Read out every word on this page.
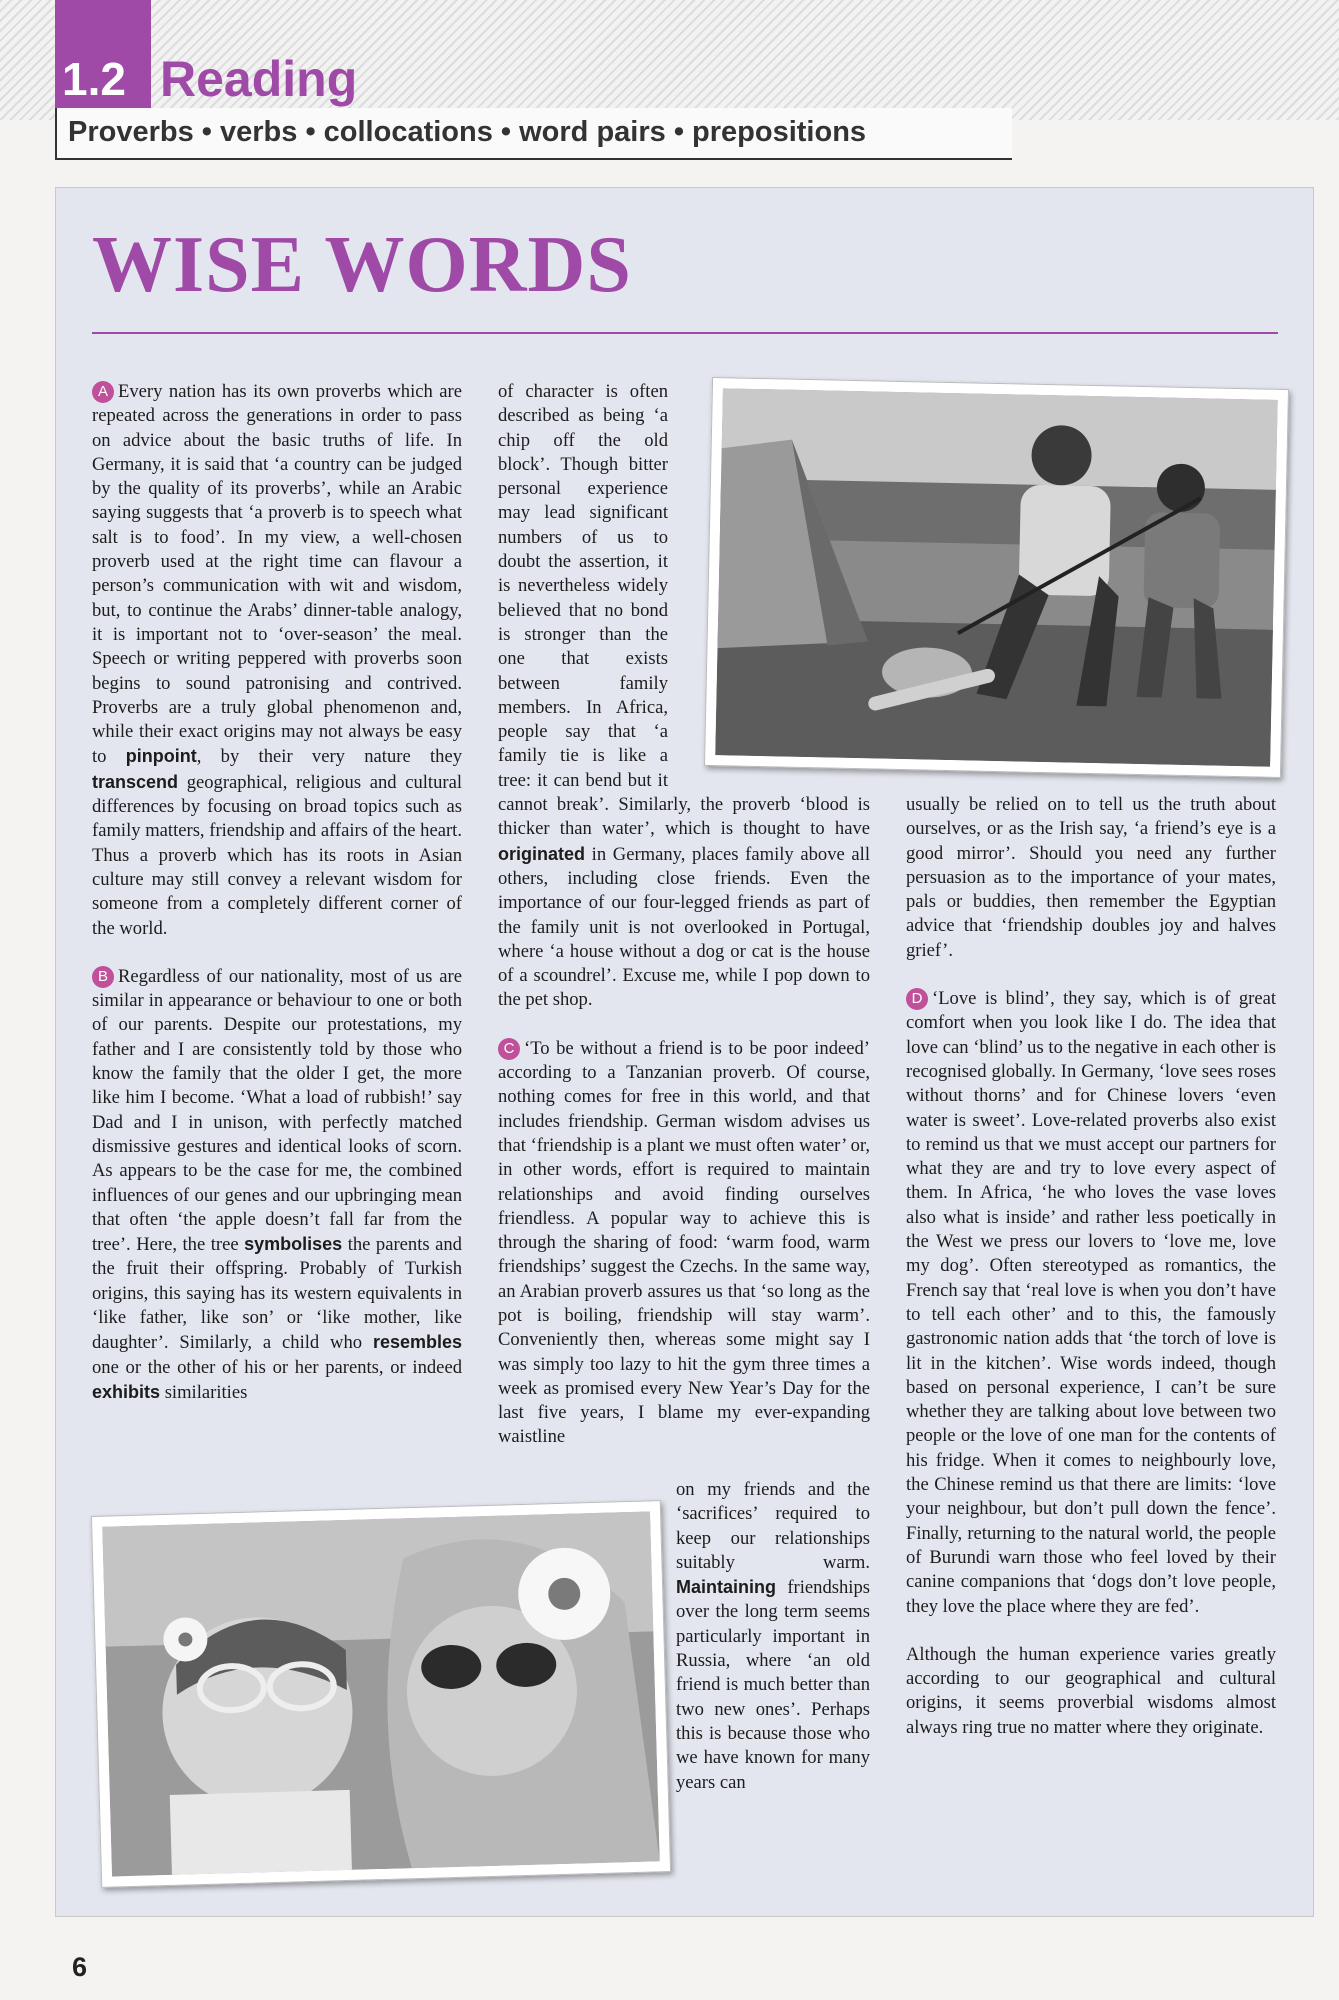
1.2 Reading
Proverbs • verbs • collocations • word pairs • prepositions
WISE WORDS

A Every nation has its own proverbs which are repeated across the generations in order to pass on advice about the basic truths of life. In Germany, it is said that ‘a country can be judged by the quality of its proverbs’, while an Arabic saying suggests that ‘a proverb is to speech what salt is to food’. In my view, a well-chosen proverb used at the right time can flavour a person’s communication with wit and wisdom, but, to continue the Arabs’ dinner-table analogy, it is important not to ‘over-season’ the meal. Speech or writing peppered with proverbs soon begins to sound patronising and contrived. Proverbs are a truly global phenomenon and, while their exact origins may not always be easy to pinpoint, by their very nature they transcend geographical, religious and cultural differences by focusing on broad topics such as family matters, friendship and affairs of the heart. Thus a proverb which has its roots in Asian culture may still convey a relevant wisdom for someone from a completely different corner of the world.

B Regardless of our nationality, most of us are similar in appearance or behaviour to one or both of our parents. Despite our protestations, my father and I are consistently told by those who know the family that the older I get, the more like him I become. ‘What a load of rubbish!’ say Dad and I in unison, with perfectly matched dismissive gestures and identical looks of scorn. As appears to be the case for me, the combined influences of our genes and our upbringing mean that often ‘the apple doesn’t fall far from the tree’. Here, the tree symbolises the parents and the fruit their offspring. Probably of Turkish origins, this saying has its western equivalents in ‘like father, like son’ or ‘like mother, like daughter’. Similarly, a child who resembles one or the other of his or her parents, or indeed exhibits similarities

of character is often described as being ‘a chip off the old block’. Though bitter personal experience may lead significant numbers of us to doubt the assertion, it is nevertheless widely believed that no bond is stronger than the one that exists between family members. In Africa, people say that ‘a family tie is like a tree: it can bend but it cannot break’. Similarly, the proverb ‘blood is thicker than water’, which is thought to have originated in Germany, places family above all others, including close friends. Even the importance of our four-legged friends as part of the family unit is not overlooked in Portugal, where ‘a house without a dog or cat is the house of a scoundrel’. Excuse me, while I pop down to the pet shop.

C ‘To be without a friend is to be poor indeed’ according to a Tanzanian proverb. Of course, nothing comes for free in this world, and that includes friendship. German wisdom advises us that ‘friendship is a plant we must often water’ or, in other words, effort is required to maintain relationships and avoid finding ourselves friendless. A popular way to achieve this is through the sharing of food: ‘warm food, warm friendships’ suggest the Czechs. In the same way, an Arabian proverb assures us that ‘so long as the pot is boiling, friendship will stay warm’. Conveniently then, whereas some might say I was simply too lazy to hit the gym three times a week as promised every New Year’s Day for the last five years, I blame my ever-expanding waistline

on my friends and the ‘sacrifices’ required to keep our relationships suitably warm. Maintaining friendships over the long term seems particularly important in Russia, where ‘an old friend is much better than two new ones’. Perhaps this is because those who we have known for many years can

usually be relied on to tell us the truth about ourselves, or as the Irish say, ‘a friend’s eye is a good mirror’. Should you need any further persuasion as to the importance of your mates, pals or buddies, then remember the Egyptian advice that ‘friendship doubles joy and halves grief’.

D ‘Love is blind’, they say, which is of great comfort when you look like I do. The idea that love can ‘blind’ us to the negative in each other is recognised globally. In Germany, ‘love sees roses without thorns’ and for Chinese lovers ‘even water is sweet’. Love-related proverbs also exist to remind us that we must accept our partners for what they are and try to love every aspect of them. In Africa, ‘he who loves the vase loves also what is inside’ and rather less poetically in the West we press our lovers to ‘love me, love my dog’. Often stereotyped as romantics, the French say that ‘real love is when you don’t have to tell each other’ and to this, the famously gastronomic nation adds that ‘the torch of love is lit in the kitchen’. Wise words indeed, though based on personal experience, I can’t be sure whether they are talking about love between two people or the love of one man for the contents of his fridge. When it comes to neighbourly love, the Chinese remind us that there are limits: ‘love your neighbour, but don’t pull down the fence’. Finally, returning to the natural world, the people of Burundi warn those who feel loved by their canine companions that ‘dogs don’t love people, they love the place where they are fed’.

Although the human experience varies greatly according to our geographical and cultural origins, it seems proverbial wisdoms almost always ring true no matter where they originate.

6
